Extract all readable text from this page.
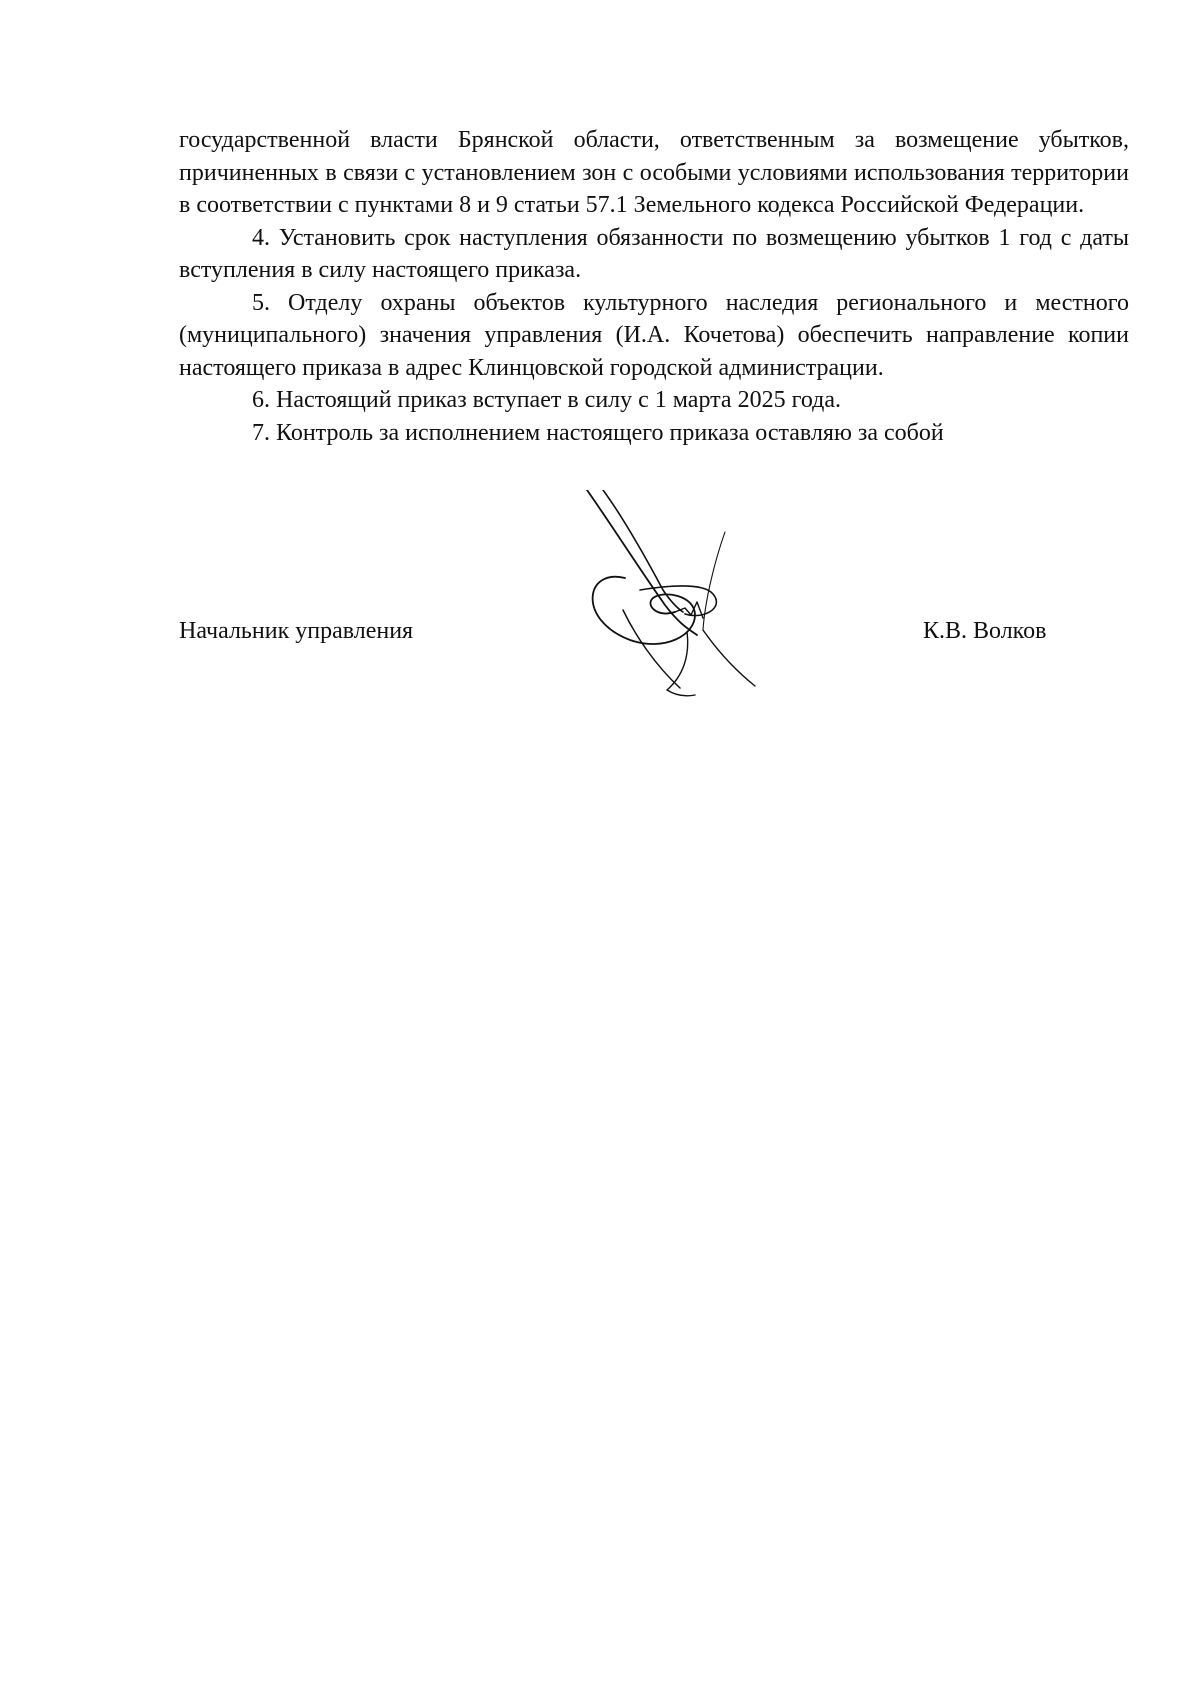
государственной власти Брянской области, ответственным за возмещение убытков, причиненных в связи с установлением зон с особыми условиями использования территории в соответствии с пунктами 8 и 9 статьи 57.1 Земельного кодекса Российской Федерации.

4. Установить срок наступления обязанности по возмещению убытков 1 год с даты вступления в силу настоящего приказа.

5. Отделу охраны объектов культурного наследия регионального и местного (муниципального) значения управления (И.А. Кочетова) обеспечить направление копии настоящего приказа в адрес Клинцовской городской администрации.

6. Настоящий приказ вступает в силу с 1 марта 2025 года.

7. Контроль за исполнением настоящего приказа оставляю за собой

Начальник управления	К.В. Волков
